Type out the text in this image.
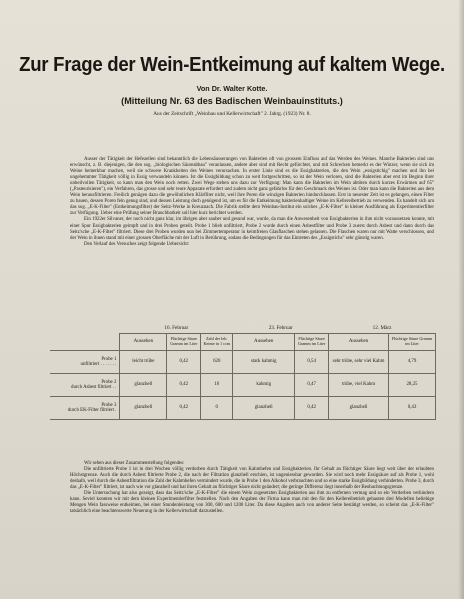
Zur Frage der Wein-Entkeimung auf kaltem Wege.
Von Dr. Walter Kotte.
(Mitteilung Nr. 63 des Badischen Weinbauinstituts.)
Aus der Zeitschrift „Weinbau und Kellerwirtschaft" 2. Jahrg. (1923) Nr. 8.

Ausser der Tätigkeit der Hefezellen sind bekanntlich die Lebensäusserungen von Bakterien oft von grossem Einfluss auf das Werden des Weines. Manche Bakterien sind uns erwünscht, z. B. diejenigen, die den sog. „biologischen Säureabbau" veranlassen, andere aber sind mit Recht gefürchtet, und mit Schrecken bemerkt es der Winzer, wenn sie sich im Weine bemerkbar machen, weil sie schwere Krankheiten des Weines verursachen. In erster Linie sind es die Essigbakterien, die den Wein „essigstichig" machen und ihn bei ungehemmter Tätigkeit völlig in Essig verwandeln können. Ist die Essigbildung schon zu weit fortgeschritten, so ist der Wein verloren, sind die Bakterien aber erst im Beginn ihrer unheilvollen Tätigkeit, so kann man den Wein noch retten. Zwei Wege stehen uns dazu zur Verfügung: Man kann die Bakterien im Wein abtöten durch kurzes Erwärmen auf 65° („Pasteurisieren"), ein Verfahren, das grosse und sehr teure Apparate erfordert und zudem nicht ganz gefahrlos für den Geschmack des Weines ist. Oder man kann die Bakterien aus dem Wein herausfiltrieren. Freilich genügen dazu die gewöhnlichen Klärfilter nicht, weil ihre Poren die winzigen Bakterien hindurchlassen. Erst in neuester Zeit ist es gelungen, einen Filter zu bauen, dessen Poren fein genug sind, und dessen Leistung doch genügend ist, um es für die Entkeimung bakterienhaltiger Weine im Kellereibetrieb zu verwenden. Es handelt sich um das sog. „E-K-Filter" (Entkeimungsfilter) der Seitz-Werke in Kreuznach. Die Fabrik stellte dem Weinbau-Institut ein solches „E-K-Filter" in kleiner Ausführung als Experimentierfilter zur Verfügung. Ueber eine Prüfung seiner Brauchbarkeit soll hier kurz berichtet werden.

Ein 1922er Silvaner, der noch nicht ganz klar, im übrigen aber sauber und gesund war, wurde, da man die Anwesenheit von Essigbakterien in ihm nicht voraussetzen konnte, mit einer Spur Essigbakterien geimpft und in drei Proben geteilt. Probe 1 blieb unfiltriert, Probe 2 wurde durch einen Asbestfilter und Probe 3 zuerst durch Asbest und dann durch das Seitz'sche „E-K-Filter" filtriert. Diese drei Proben wurden nun bei Zimmertemperatur in keimfreien Glasflaschen stehen gelassen. Die Flaschen waren nur mit Watte verschlossen, und der Wein in ihnen stand mit einer grossen Oberfläche mit der Luft in Berührung, sodass die Bedingungen für das Eintreten des „Essigstichs" sehr günstig waren.

Den Verlauf des Versuches zeigt folgende Uebersicht:

	16. Februar			23. Februar		12. März	
	Aussehen	Flüchtige Säure Gramm im Liter	Zahl der leb. Keime in 1 ccm	Aussehen	Flüchtige Säure Gramm im Liter	Aussehen	Flüchtige Säure Gramm im Liter
Probe 1
unfiltriert . . . . . . .	leicht trübe	0,42	620	stark kahmig	0,54	sehr trübe, sehr viel Kahm	4,79
Probe 2
durch Asbest filtriert . .	glanzhell	0,42	16	kahmig	0,47	trübe, viel Kahm	28,25
Probe 3
durch EK-Filter filtriert .	glanzhell	0,42	0	glanzhell	0,42	glanzhell	0,43

Wir sehen aus dieser Zusammenstellung folgendes:

Die unfiltrierte Probe 1 ist in drei Wochen völlig verdorben durch Tätigkeit von Kahmhefen und Essigbakterien. Ihr Gehalt an flüchtiger Säure liegt weit über der erlaubten Höchstgrenze. Auch die durch Asbest filtrierte Probe 2, die nach der Filtration glanzhell erschien, ist ungeniessbar geworden. Sie wird noch mehr Essigsäure auf als Probe 1, wohl deshalb, weil durch die Asbestfiltration die Zahl der Kahmhefen vermindert wurde, die in Probe 1 den Alkohol verbrauchten und so eine starke Essigbildung verhinderten. Probe 3, durch das „E-K-Filter" filtriert, ist nach wie vor glanzhell und hat ihren Gehalt an flüchtiger Säure nicht geändert; die geringe Differenz liegt innerhalb der Beobachtungsgrenze.

Die Untersuchung hat also gezeigt, dass das Seitz'sche „E-K-Filter" die einem Wein zugesetzten Essigbakterien aus ihm zu entfernen vermag und so ein Verderben verhindern kann. Seviel konnten wir mit dem kleinen Experimentierfilter feststellen. Nach den Angaben der Firma kann man mit den für den Kellereibetrieb gebauten drei Modellen beliebige Mengen Wein fassweise entkeimen, bei einer Stundenleistung von 300, 600 und 1200 Liter. Da diese Angaben auch von anderer Seite bestätigt werden, so scheint das „E-K-Filter" tatsächlich eine beachtenswerte Neuerung in der Kellerwirtschaft darzustellen.
